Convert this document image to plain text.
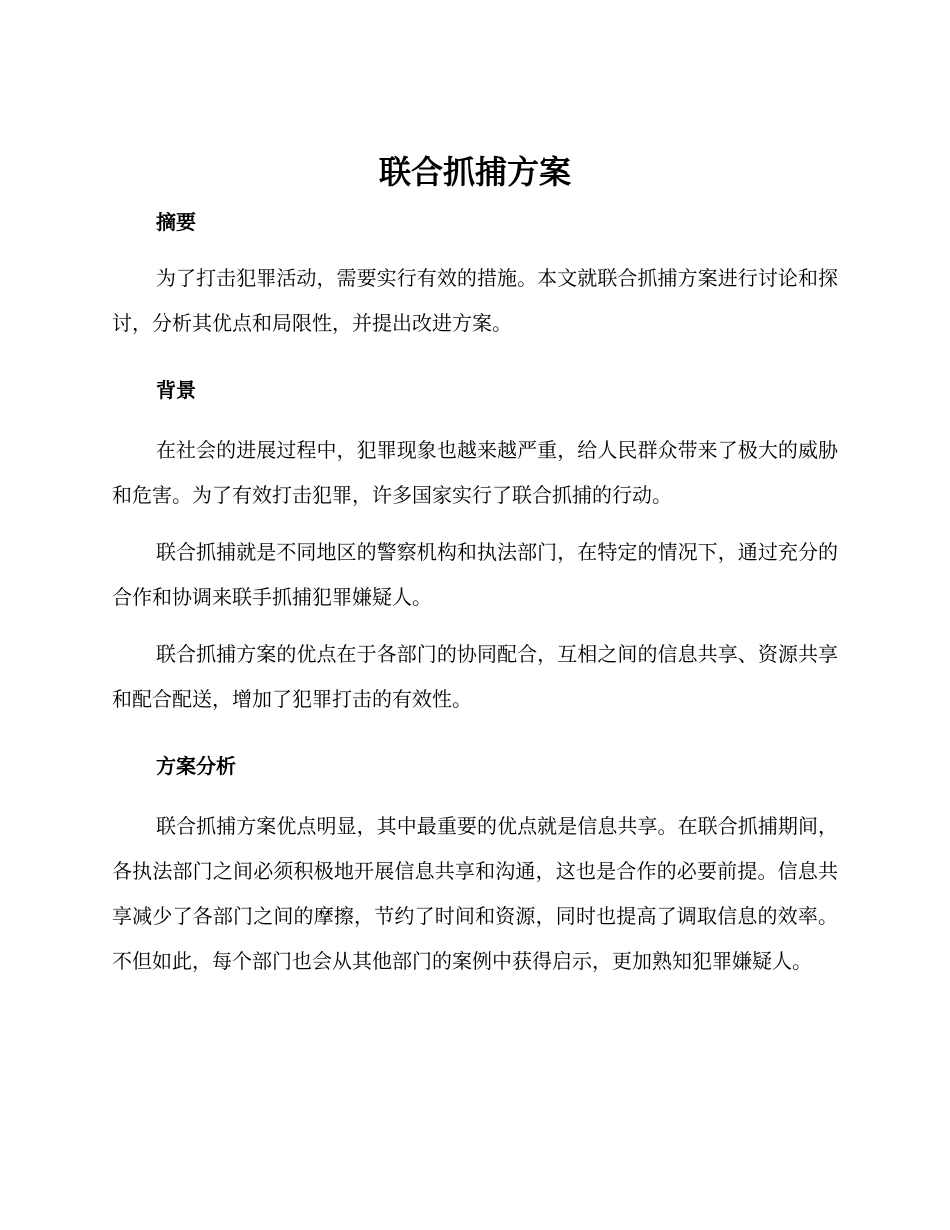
联合抓捕方案
摘要

为了打击犯罪活动，需要实行有效的措施。本文就联合抓捕方案进行讨论和探讨，分析其优点和局限性，并提出改进方案。

背景

在社会的进展过程中，犯罪现象也越来越严重，给人民群众带来了极大的威胁和危害。为了有效打击犯罪，许多国家实行了联合抓捕的行动。

联合抓捕就是不同地区的警察机构和执法部门，在特定的情况下，通过充分的合作和协调来联手抓捕犯罪嫌疑人。

联合抓捕方案的优点在于各部门的协同配合，互相之间的信息共享、资源共享和配合配送，增加了犯罪打击的有效性。

方案分析

联合抓捕方案优点明显，其中最重要的优点就是信息共享。在联合抓捕期间，各执法部门之间必须积极地开展信息共享和沟通，这也是合作的必要前提。信息共享减少了各部门之间的摩擦，节约了时间和资源，同时也提高了调取信息的效率。不但如此，每个部门也会从其他部门的案例中获得启示，更加熟知犯罪嫌疑人。
